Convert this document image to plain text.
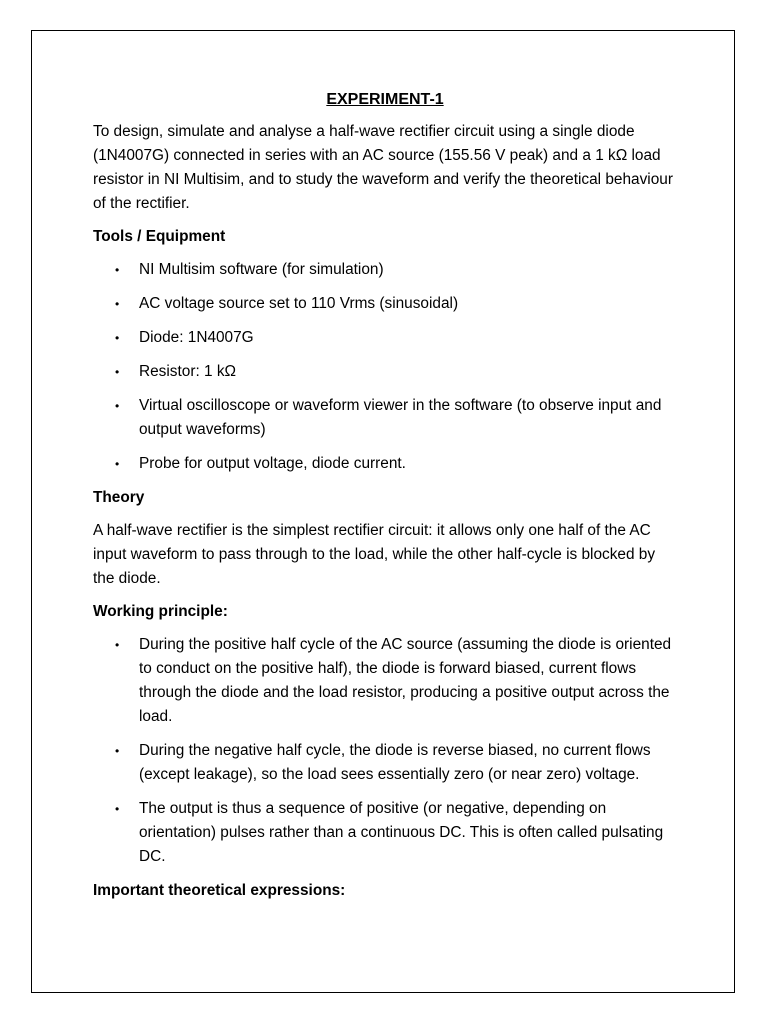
EXPERIMENT-1

To design, simulate and analyse a half-wave rectifier circuit using a single diode (1N4007G) connected in series with an AC source (155.56 V peak) and a 1 kΩ load resistor in NI Multisim, and to study the waveform and verify the theoretical behaviour of the rectifier.

Tools / Equipment
• NI Multisim software (for simulation)
• AC voltage source set to 110 Vrms (sinusoidal)
• Diode: 1N4007G
• Resistor: 1 kΩ
• Virtual oscilloscope or waveform viewer in the software (to observe input and output waveforms)
• Probe for output voltage, diode current.
Theory

A half-wave rectifier is the simplest rectifier circuit: it allows only one half of the AC input waveform to pass through to the load, while the other half-cycle is blocked by the diode.

Working principle:
• During the positive half cycle of the AC source (assuming the diode is oriented to conduct on the positive half), the diode is forward biased, current flows through the diode and the load resistor, producing a positive output across the load.
• During the negative half cycle, the diode is reverse biased, no current flows (except leakage), so the load sees essentially zero (or near zero) voltage.
• The output is thus a sequence of positive (or negative, depending on orientation) pulses rather than a continuous DC. This is often called pulsating DC.
Important theoretical expressions:
